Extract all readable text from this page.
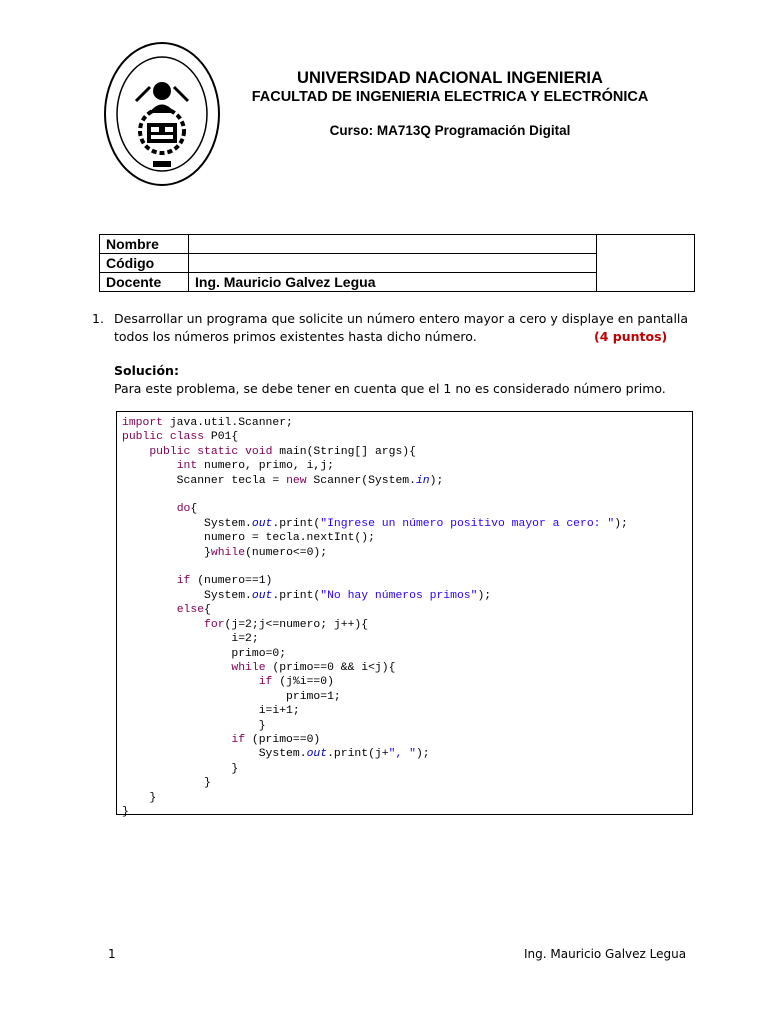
UNIVERSIDAD NACIONAL INGENIERIA
FACULTAD DE INGENIERIA ELECTRICA Y ELECTRÓNICA
Curso: MA713Q Programación Digital
Nombre		
Código		
Docente	Ing. Mauricio Galvez Legua	
1. Desarrollar un programa que solicite un número entero mayor a cero y displaye en pantalla
todos los números primos existentes hasta dicho número.	(4 puntos)
Solución:
Para este problema, se debe tener en cuenta que el 1 no es considerado número primo.
import java.util.Scanner;
public class P01{
public static void main(String[] args){
int numero, primo, i,j;
Scanner tecla = new Scanner(System.in);

do{
System.out.print("Ingrese un número positivo mayor a cero: ");
numero = tecla.nextInt();
}while(numero<=0);

if (numero==1)
System.out.print("No hay números primos");
else{
for(j=2;j<=numero; j++){
i=2;
primo=0;
while (primo==0 && i<j){
if (j%i==0)
primo=1;
i=i+1;
}
if (primo==0)
System.out.print(j+", ");
}
}
}
}

1	Ing. Mauricio Galvez Legua
